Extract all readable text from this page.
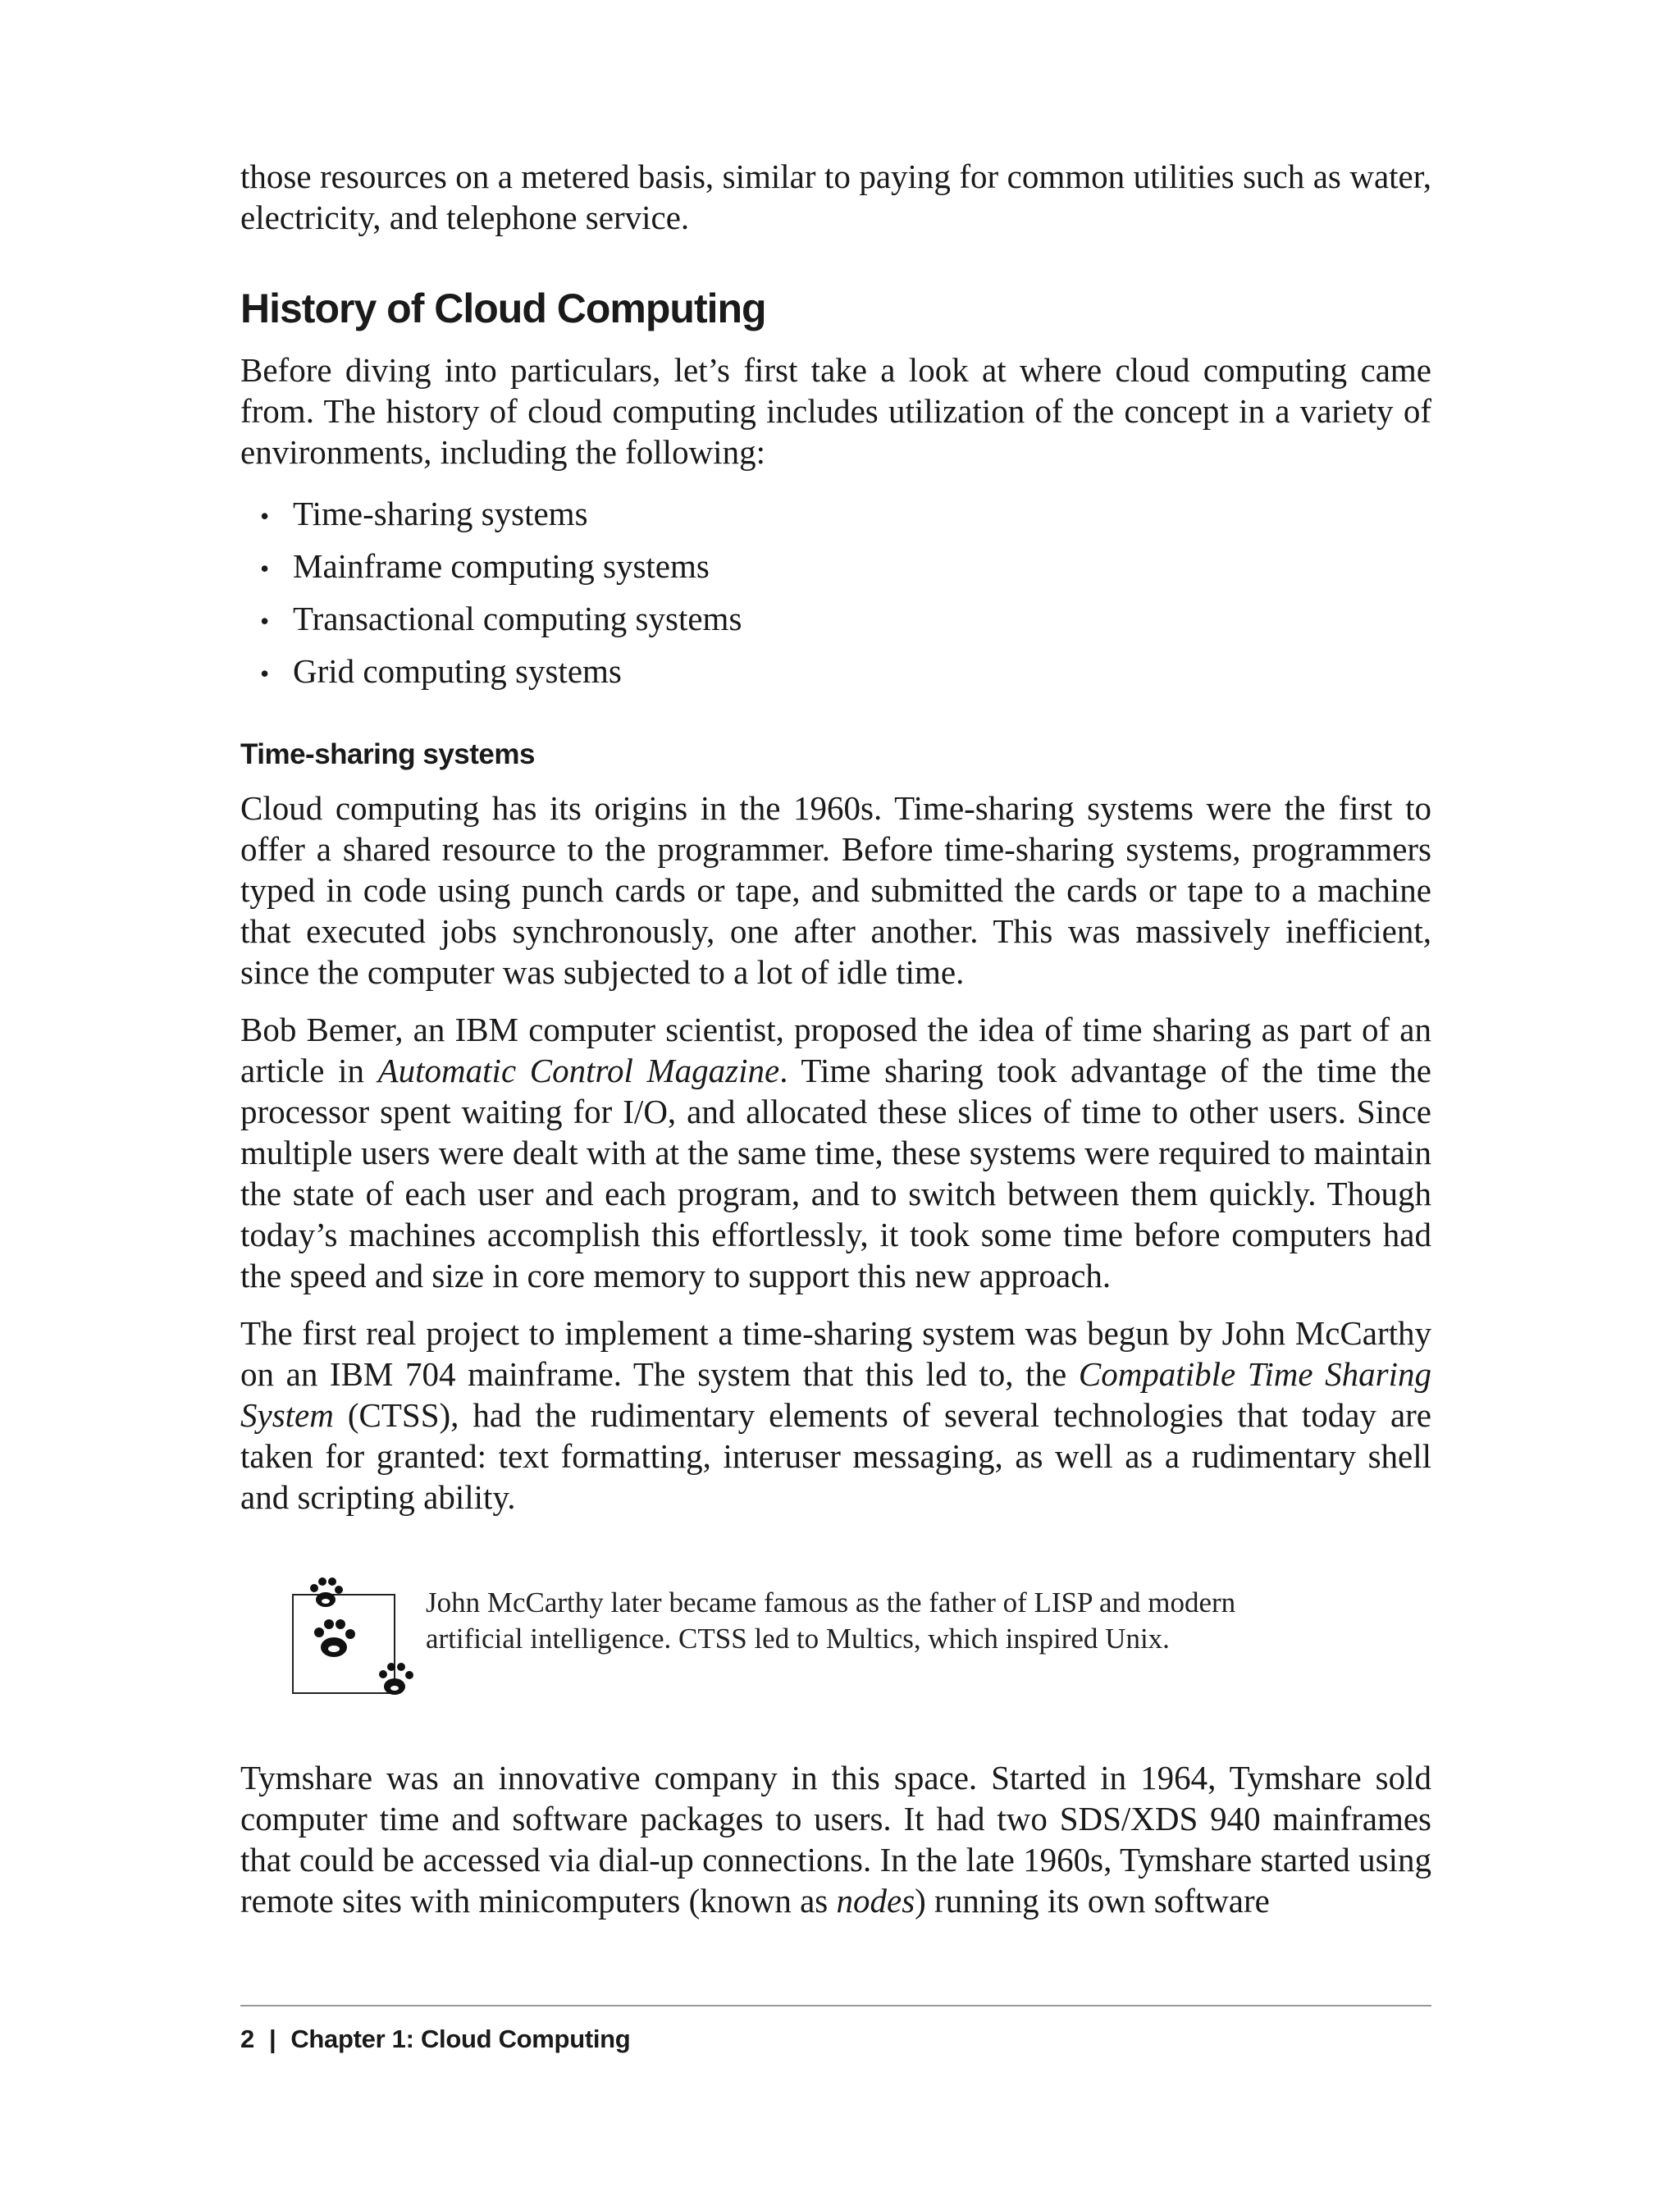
those resources on a metered basis, similar to paying for common utilities such as water, electricity, and telephone service.

History of Cloud Computing

Before diving into particulars, let’s first take a look at where cloud computing came from. The history of cloud computing includes utilization of the concept in a variety of environments, including the following:

• Time-sharing systems
• Mainframe computing systems
• Transactional computing systems
• Grid computing systems
Time-sharing systems

Cloud computing has its origins in the 1960s. Time-sharing systems were the first to offer a shared resource to the programmer. Before time-sharing systems, programmers typed in code using punch cards or tape, and submitted the cards or tape to a machine that executed jobs synchronously, one after another. This was massively inefficient, since the computer was subjected to a lot of idle time.

Bob Bemer, an IBM computer scientist, proposed the idea of time sharing as part of an article in Automatic Control Magazine. Time sharing took advantage of the time the processor spent waiting for I/O, and allocated these slices of time to other users. Since multiple users were dealt with at the same time, these systems were required to maintain the state of each user and each program, and to switch between them quickly. Though today’s machines accomplish this effortlessly, it took some time before computers had the speed and size in core memory to support this new approach.

The first real project to implement a time-sharing system was begun by John McCarthy on an IBM 704 mainframe. The system that this led to, the Compatible Time Sharing System (CTSS), had the rudimentary elements of several technologies that today are taken for granted: text formatting, interuser messaging, as well as a rudimentary shell and scripting ability.

John McCarthy later became famous as the father of LISP and modern artificial intelligence. CTSS led to Multics, which inspired Unix.

Tymshare was an innovative company in this space. Started in 1964, Tymshare sold computer time and software packages to users. It had two SDS/XDS 940 mainframes that could be accessed via dial-up connections. In the late 1960s, Tymshare started using remote sites with minicomputers (known as nodes) running its own software

2 | Chapter 1: Cloud Computing
